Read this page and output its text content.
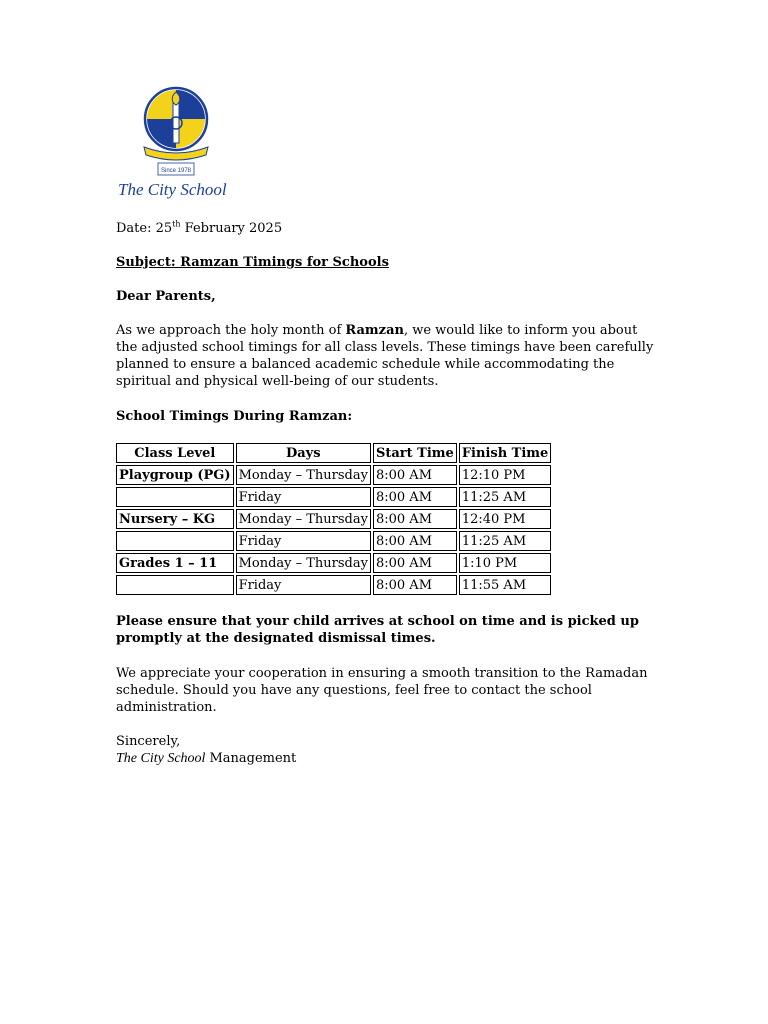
Since 1978
The City School
Date: 25th February 2025
Subject: Ramzan Timings for Schools
Dear Parents,
As we approach the holy month of Ramzan, we would like to inform you about the adjusted school timings for all class levels. These timings have been carefully planned to ensure a balanced academic schedule while accommodating the spiritual and physical well-being of our students.
School Timings During Ramzan:
Class Level	Days	Start Time	Finish Time
Playgroup (PG)	Monday – Thursday	8:00 AM	12:10 PM
	Friday	8:00 AM	11:25 AM
Nursery – KG	Monday – Thursday	8:00 AM	12:40 PM
	Friday	8:00 AM	11:25 AM
Grades 1 – 11	Monday – Thursday	8:00 AM	1:10 PM
	Friday	8:00 AM	11:55 AM
Please ensure that your child arrives at school on time and is picked up promptly at the designated dismissal times.
We appreciate your cooperation in ensuring a smooth transition to the Ramadan schedule. Should you have any questions, feel free to contact the school administration.
Sincerely,
The City School Management
